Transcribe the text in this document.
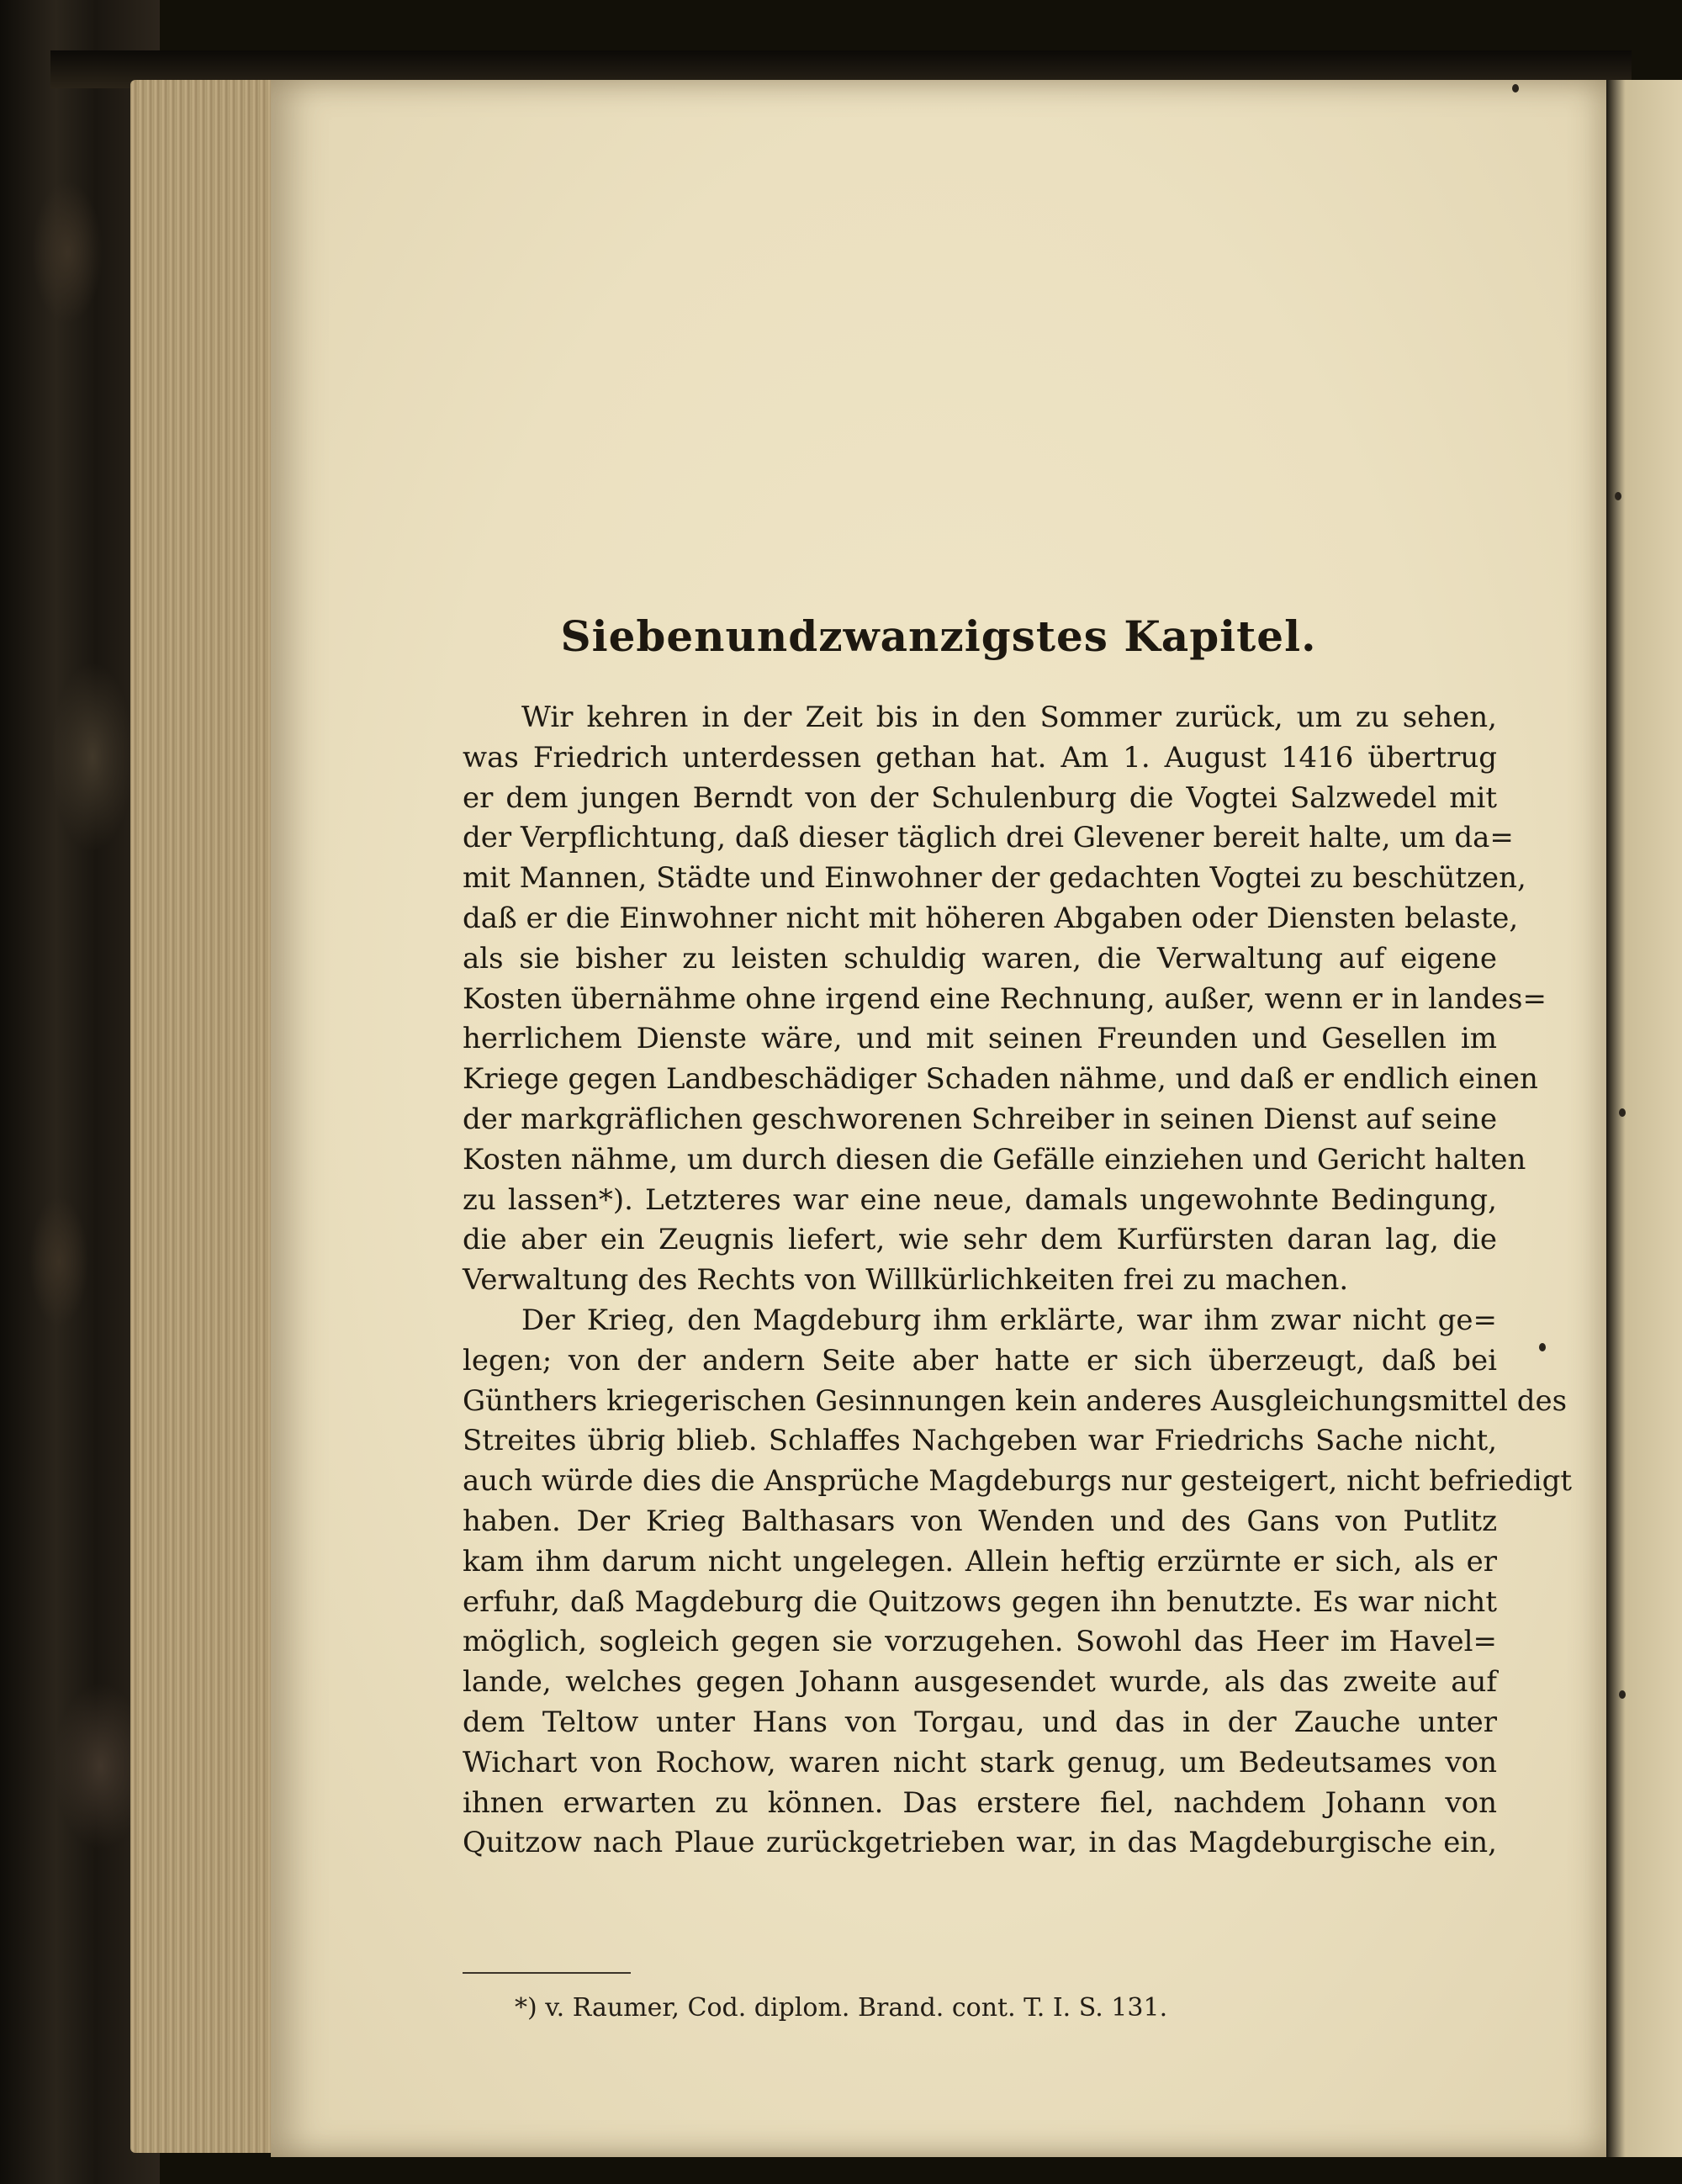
Siebenundzwanzigstes Kapitel.
Wir kehren in der Zeit bis in den Sommer zurück, um zu sehen,
was Friedrich unterdessen gethan hat. Am 1. August 1416 übertrug
er dem jungen Berndt von der Schulenburg die Vogtei Salzwedel mit
der Verpflichtung, daß dieser täglich drei Glevener bereit halte, um da=
mit Mannen, Städte und Einwohner der gedachten Vogtei zu beschützen,
daß er die Einwohner nicht mit höheren Abgaben oder Diensten belaste,
als sie bisher zu leisten schuldig waren, die Verwaltung auf eigene
Kosten übernähme ohne irgend eine Rechnung, außer, wenn er in landes=
herrlichem Dienste wäre, und mit seinen Freunden und Gesellen im
Kriege gegen Landbeschädiger Schaden nähme, und daß er endlich einen
der markgräflichen geschworenen Schreiber in seinen Dienst auf seine
Kosten nähme, um durch diesen die Gefälle einziehen und Gericht halten
zu lassen*). Letzteres war eine neue, damals ungewohnte Bedingung,
die aber ein Zeugnis liefert, wie sehr dem Kurfürsten daran lag, die
Verwaltung des Rechts von Willkürlichkeiten frei zu machen.
Der Krieg, den Magdeburg ihm erklärte, war ihm zwar nicht ge=
legen; von der andern Seite aber hatte er sich überzeugt, daß bei
Günthers kriegerischen Gesinnungen kein anderes Ausgleichungsmittel des
Streites übrig blieb. Schlaffes Nachgeben war Friedrichs Sache nicht,
auch würde dies die Ansprüche Magdeburgs nur gesteigert, nicht befriedigt
haben. Der Krieg Balthasars von Wenden und des Gans von Putlitz
kam ihm darum nicht ungelegen. Allein heftig erzürnte er sich, als er
erfuhr, daß Magdeburg die Quitzows gegen ihn benutzte. Es war nicht
möglich, sogleich gegen sie vorzugehen. Sowohl das Heer im Havel=
lande, welches gegen Johann ausgesendet wurde, als das zweite auf
dem Teltow unter Hans von Torgau, und das in der Zauche unter
Wichart von Rochow, waren nicht stark genug, um Bedeutsames von
ihnen erwarten zu können. Das erstere fiel, nachdem Johann von
Quitzow nach Plaue zurückgetrieben war, in das Magdeburgische ein,
*) v. Raumer, Cod. diplom. Brand. cont. T. I. S. 131.
